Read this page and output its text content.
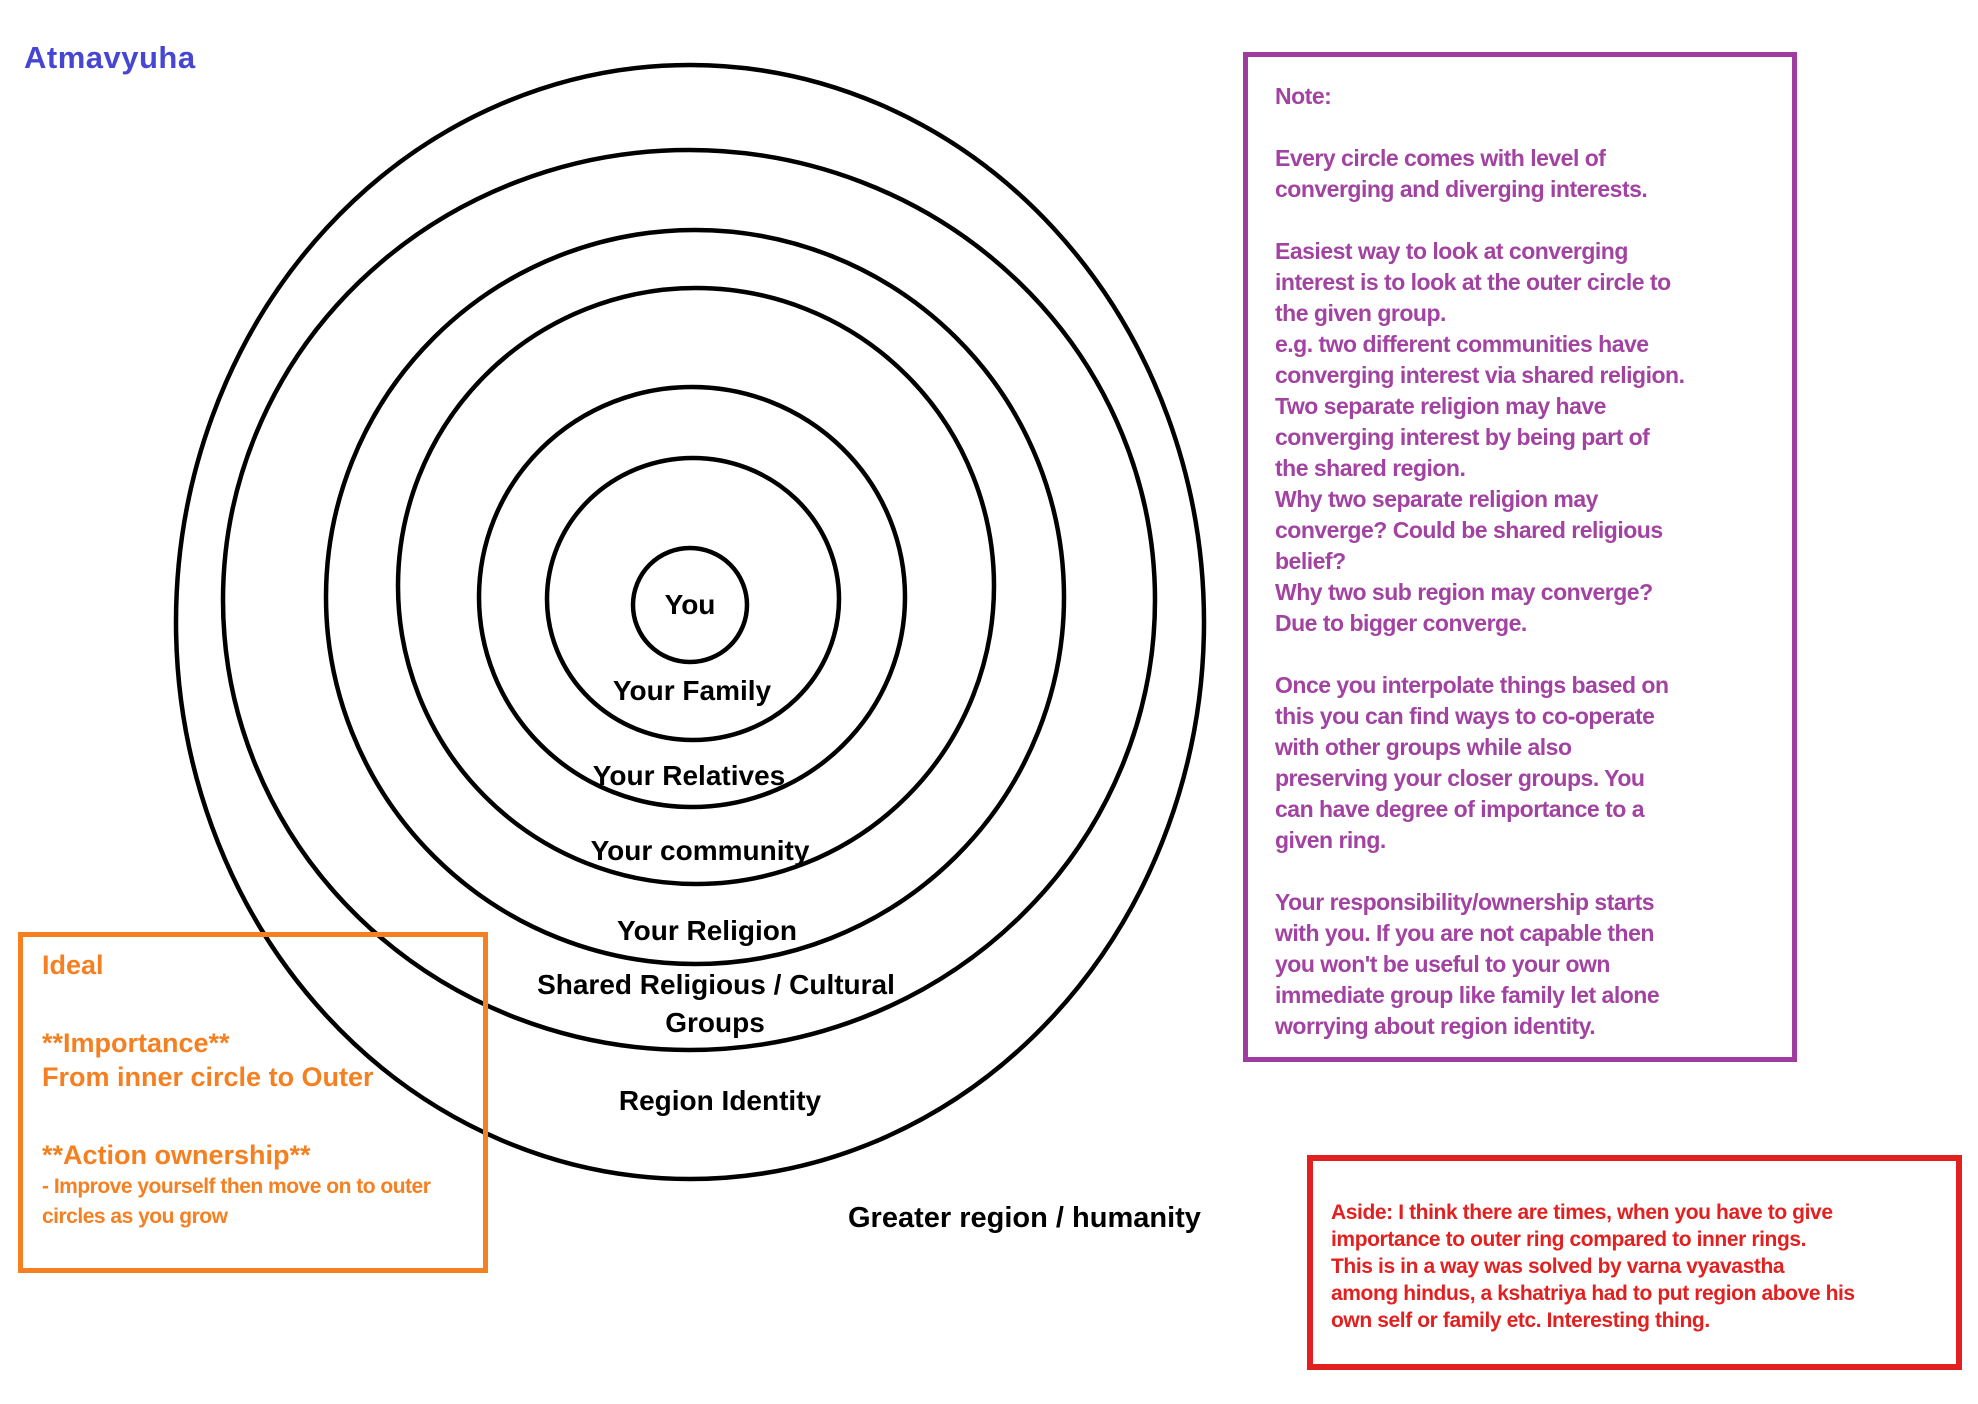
Atmavyuha
You
Your Family
Your Relatives
Your community
Your Religion
Shared Religious / Cultural
Groups
Region Identity
Greater region / humanity
Note:

Every circle comes with level of
converging and diverging interests.

Easiest way to look at converging
interest is to look at the outer circle to
the given group.
e.g. two different communities have
converging interest via shared religion.
Two separate religion may have
converging interest by being part of
the shared region.
Why two separate religion may
converge? Could be shared religious
belief?
Why two sub region may converge?
Due to bigger converge.

Once you interpolate things based on
this you can find ways to co-operate
with other groups while also
preserving your closer groups. You
can have degree of importance to a
given ring.

Your responsibility/ownership starts
with you. If you are not capable then
you won't be useful to your own
immediate group like family let alone
worrying about region identity.
Ideal
**Importance**
From inner circle to Outer
**Action ownership**
- Improve yourself then move on to outer
circles as you grow	Aside: I think there are times, when you have to give
importance to outer ring compared to inner rings.
This is in a way was solved by varna vyavastha
among hindus, a kshatriya had to put region above his
own self or family etc. Interesting thing.
